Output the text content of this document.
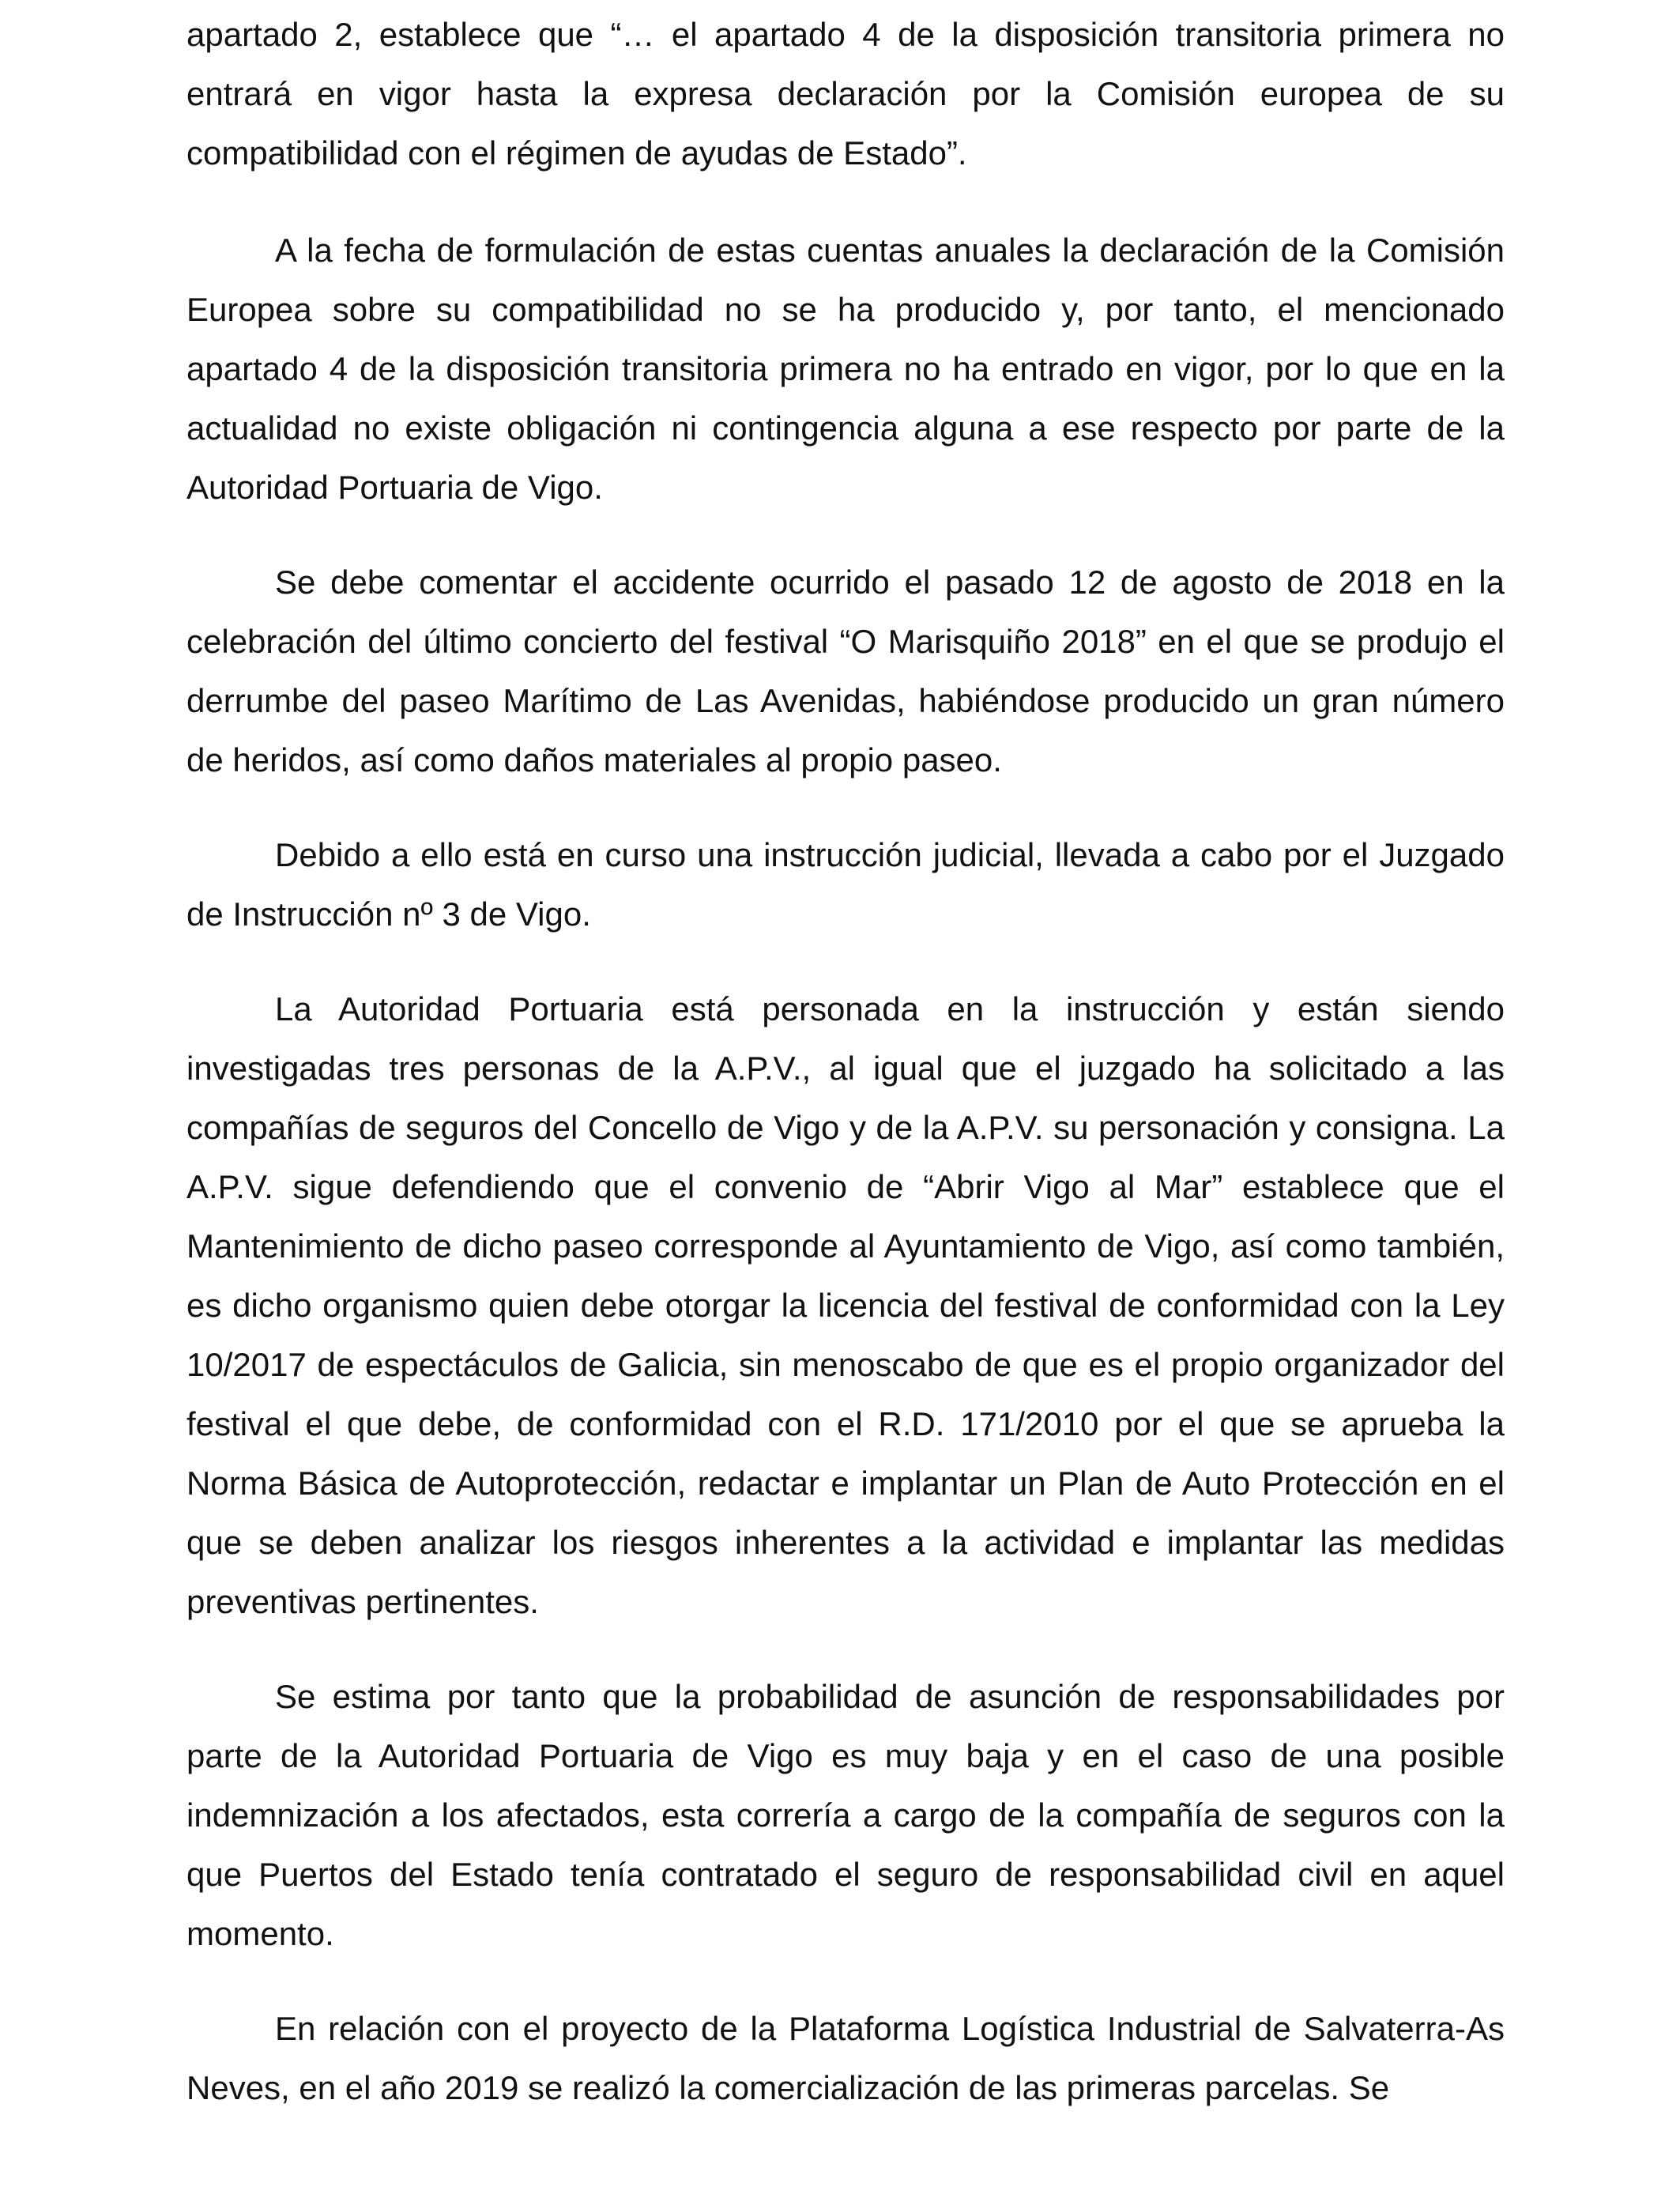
apartado 2, establece que “… el apartado 4 de la disposición transitoria primera no entrará en vigor hasta la expresa declaración por la Comisión europea de su compatibilidad con el régimen de ayudas de Estado”.

A la fecha de formulación de estas cuentas anuales la declaración de la Comisión Europea sobre su compatibilidad no se ha producido y, por tanto, el mencionado apartado 4 de la disposición transitoria primera no ha entrado en vigor, por lo que en la actualidad no existe obligación ni contingencia alguna a ese respecto por parte de la Autoridad Portuaria de Vigo.

Se debe comentar el accidente ocurrido el pasado 12 de agosto de 2018 en la celebración del último concierto del festival “O Marisquiño 2018” en el que se produjo el derrumbe del paseo Marítimo de Las Avenidas, habiéndose producido un gran número de heridos, así como daños materiales al propio paseo.

Debido a ello está en curso una instrucción judicial, llevada a cabo por el Juzgado de Instrucción nº 3 de Vigo.

La Autoridad Portuaria está personada en la instrucción y están siendo investigadas tres personas de la A.P.V., al igual que el juzgado ha solicitado a las compañías de seguros del Concello de Vigo y de la A.P.V. su personación y consigna. La A.P.V. sigue defendiendo que el convenio de “Abrir Vigo al Mar” establece que el Mantenimiento de dicho paseo corresponde al Ayuntamiento de Vigo, así como también, es dicho organismo quien debe otorgar la licencia del festival de conformidad con la Ley 10/2017 de espectáculos de Galicia, sin menoscabo de que es el propio organizador del festival el que debe, de conformidad con el R.D. 171/2010 por el que se aprueba la Norma Básica de Autoprotección, redactar e implantar un Plan de Auto Protección en el que se deben analizar los riesgos inherentes a la actividad e implantar las medidas preventivas pertinentes.

Se estima por tanto que la probabilidad de asunción de responsabilidades por parte de la Autoridad Portuaria de Vigo es muy baja y en el caso de una posible indemnización a los afectados, esta correría a cargo de la compañía de seguros con la que Puertos del Estado tenía contratado el seguro de responsabilidad civil en aquel momento.

En relación con el proyecto de la Plataforma Logística Industrial de Salvaterra-As Neves, en el año 2019 se realizó la comercialización de las primeras parcelas. Se
